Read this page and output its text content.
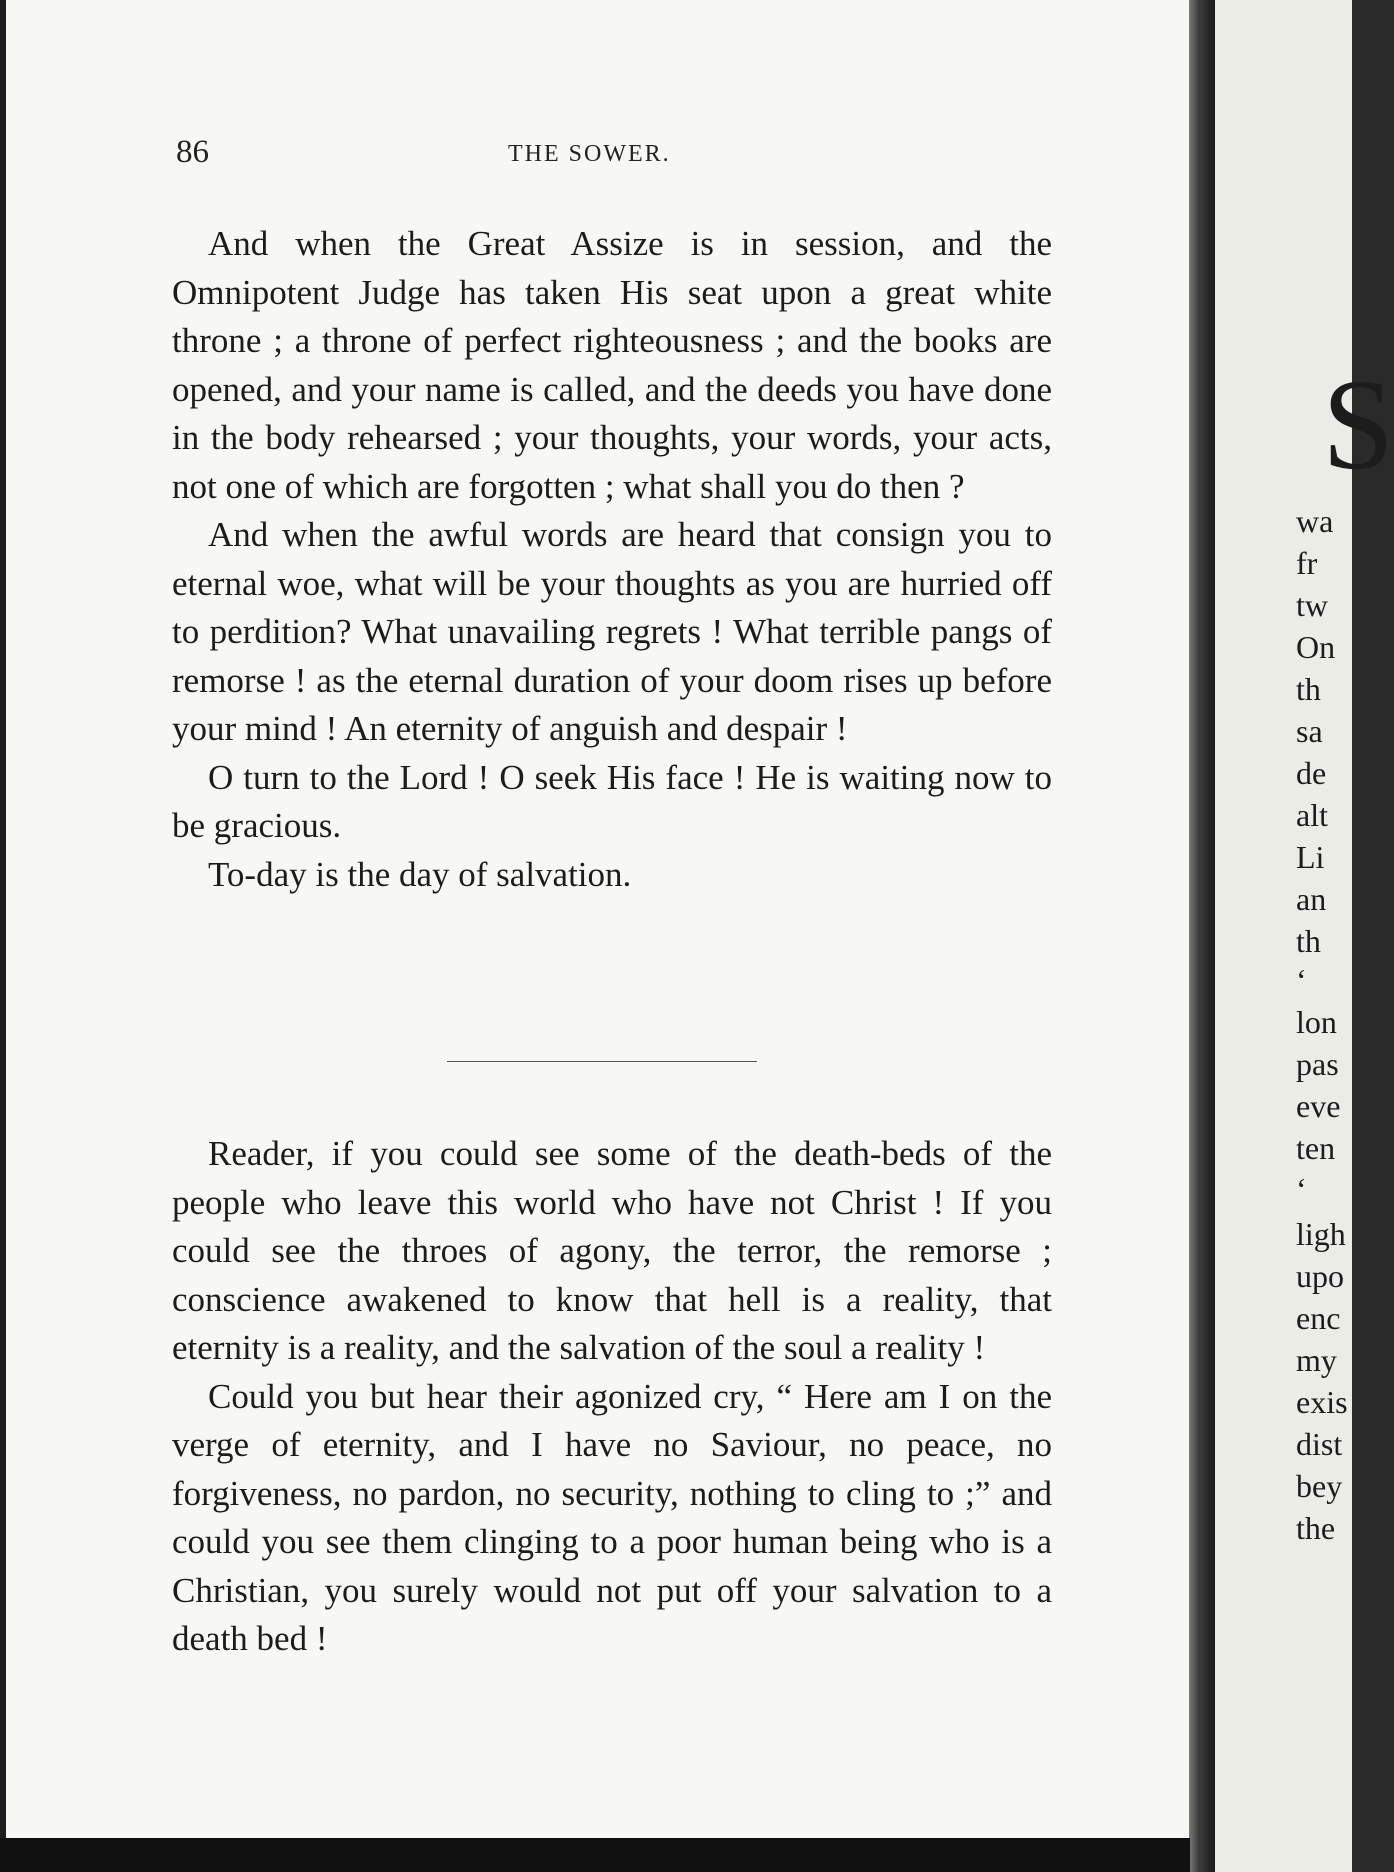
86	THE SOWER.

And when the Great Assize is in session, and the Omnipotent Judge has taken His seat upon a great white throne ; a throne of perfect righteousness ; and the books are opened, and your name is called, and the deeds you have done in the body rehearsed ; your thoughts, your words, your acts, not one of which are forgotten ; what shall you do then ?

And when the awful words are heard that consign you to eternal woe, what will be your thoughts as you are hurried off to perdition? What unavailing regrets ! What terrible pangs of remorse ! as the eternal duration of your doom rises up before your mind ! An eternity of anguish and despair !

O turn to the Lord ! O seek His face ! He is waiting now to be gracious.

To-day is the day of salvation.

Reader, if you could see some of the death-beds of the people who leave this world who have not Christ ! If you could see the throes of agony, the terror, the remorse ; conscience awakened to know that hell is a reality, that eternity is a reality, and the salvation of the soul a reality !

Could you but hear their agonized cry, “ Here am I on the verge of eternity, and I have no Saviour, no peace, no forgiveness, no pardon, no security, nothing to cling to ;” and could you see them clinging to a poor human being who is a Christian, you surely would not put off your salvation to a death bed !

S
wa
fr
tw
On
th
sa
de
alt
Li
an
th
‘
lon
pas
eve
ten
‘
ligh
upo
enc
my
exis
dist
bey
the
